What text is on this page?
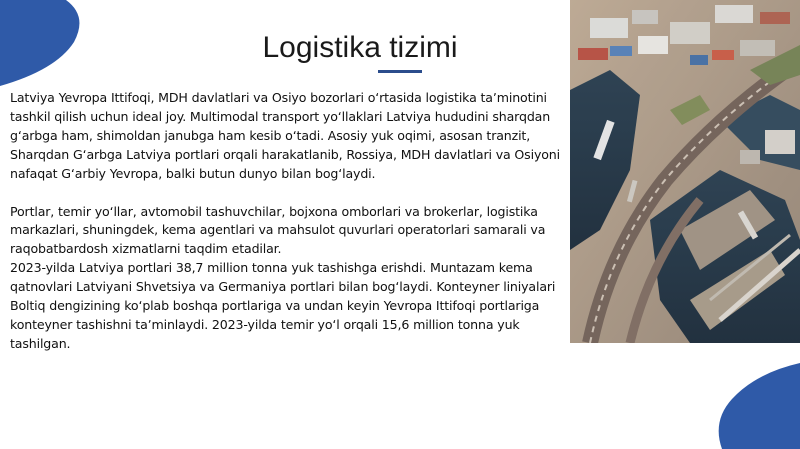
Logistika tizimi

Latviya Yevropa Ittifoqi, MDH davlatlari va Osiyo bozorlari oʻrtasida logistika taʼminotini tashkil qilish uchun ideal joy. Multimodal transport yoʻllaklari Latviya hududini sharqdan gʻarbga ham, shimoldan janubga ham kesib oʻtadi. Asosiy yuk oqimi, asosan tranzit, Sharqdan Gʻarbga Latviya portlari orqali harakatlanib, Rossiya, MDH davlatlari va Osiyoni nafaqat Gʻarbiy Yevropa, balki butun dunyo bilan bogʻlaydi.

Portlar, temir yoʻllar, avtomobil tashuvchilar, bojxona omborlari va brokerlar, logistika markazlari, shuningdek, kema agentlari va mahsulot quvurlari operatorlari samarali va raqobatbardosh xizmatlarni taqdim etadilar.

2023-yilda Latviya portlari 38,7 million tonna yuk tashishga erishdi. Muntazam kema qatnovlari Latviyani Shvetsiya va Germaniya portlari bilan bogʻlaydi. Konteyner liniyalari Boltiq dengizining koʻplab boshqa portlariga va undan keyin Yevropa Ittifoqi portlariga konteyner tashishni taʼminlaydi. 2023-yilda temir yoʻl orqali 15,6 million tonna yuk tashilgan.
